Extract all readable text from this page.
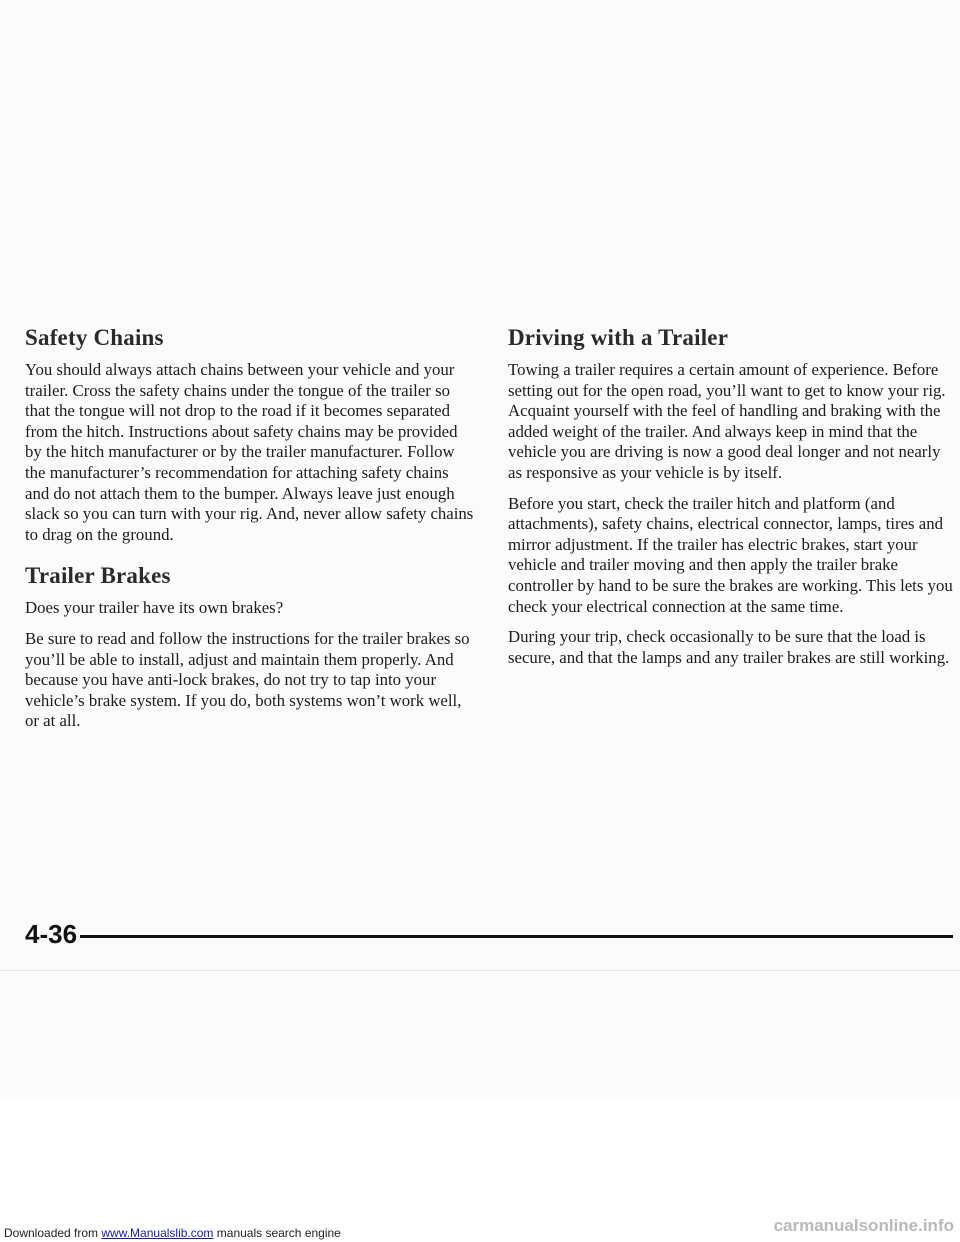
Safety Chains

You should always attach chains between your vehicle and your trailer. Cross the safety chains under the tongue of the trailer so that the tongue will not drop to the road if it becomes separated from the hitch. Instructions about safety chains may be provided by the hitch manufacturer or by the trailer manufacturer. Follow the manufacturer’s recommendation for attaching safety chains and do not attach them to the bumper. Always leave just enough slack so you can turn with your rig. And, never allow safety chains to drag on the ground.

Trailer Brakes

Does your trailer have its own brakes?

Be sure to read and follow the instructions for the trailer brakes so you’ll be able to install, adjust and maintain them properly. And because you have anti-lock brakes, do not try to tap into your vehicle’s brake system. If you do, both systems won’t work well, or at all.

Driving with a Trailer

Towing a trailer requires a certain amount of experience. Before setting out for the open road, you’ll want to get to know your rig. Acquaint yourself with the feel of handling and braking with the added weight of the trailer. And always keep in mind that the vehicle you are driving is now a good deal longer and not nearly as responsive as your vehicle is by itself.

Before you start, check the trailer hitch and platform (and attachments), safety chains, electrical connector, lamps, tires and mirror adjustment. If the trailer has electric brakes, start your vehicle and trailer moving and then apply the trailer brake controller by hand to be sure the brakes are working. This lets you check your electrical connection at the same time.

During your trip, check occasionally to be sure that the load is secure, and that the lamps and any trailer brakes are still working.

4-36
Downloaded from www.Manualslib.com manuals search engine	carmanualsonline.info
